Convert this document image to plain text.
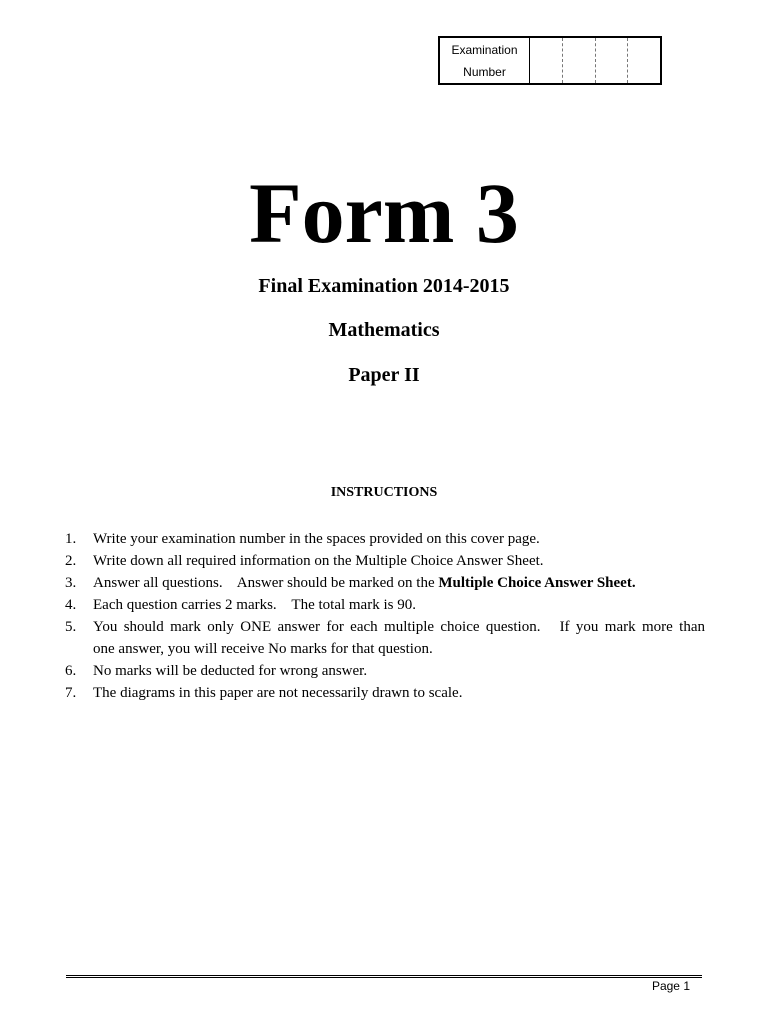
Examination
Number
Form 3
Final Examination 2014-2015
Mathematics
Paper II
INSTRUCTIONS
1.	Write your examination number in the spaces provided on this cover page.
2.	Write down all required information on the Multiple Choice Answer Sheet.
3.	Answer all questions.    Answer should be marked on the Multiple Choice Answer Sheet.
4.	Each question carries 2 marks.    The total mark is 90.
5.	You should mark only ONE answer for each multiple choice question.   If you mark more than
one answer, you will receive No marks for that question.
6.	No marks will be deducted for wrong answer.
7.	The diagrams in this paper are not necessarily drawn to scale.
Page 1
